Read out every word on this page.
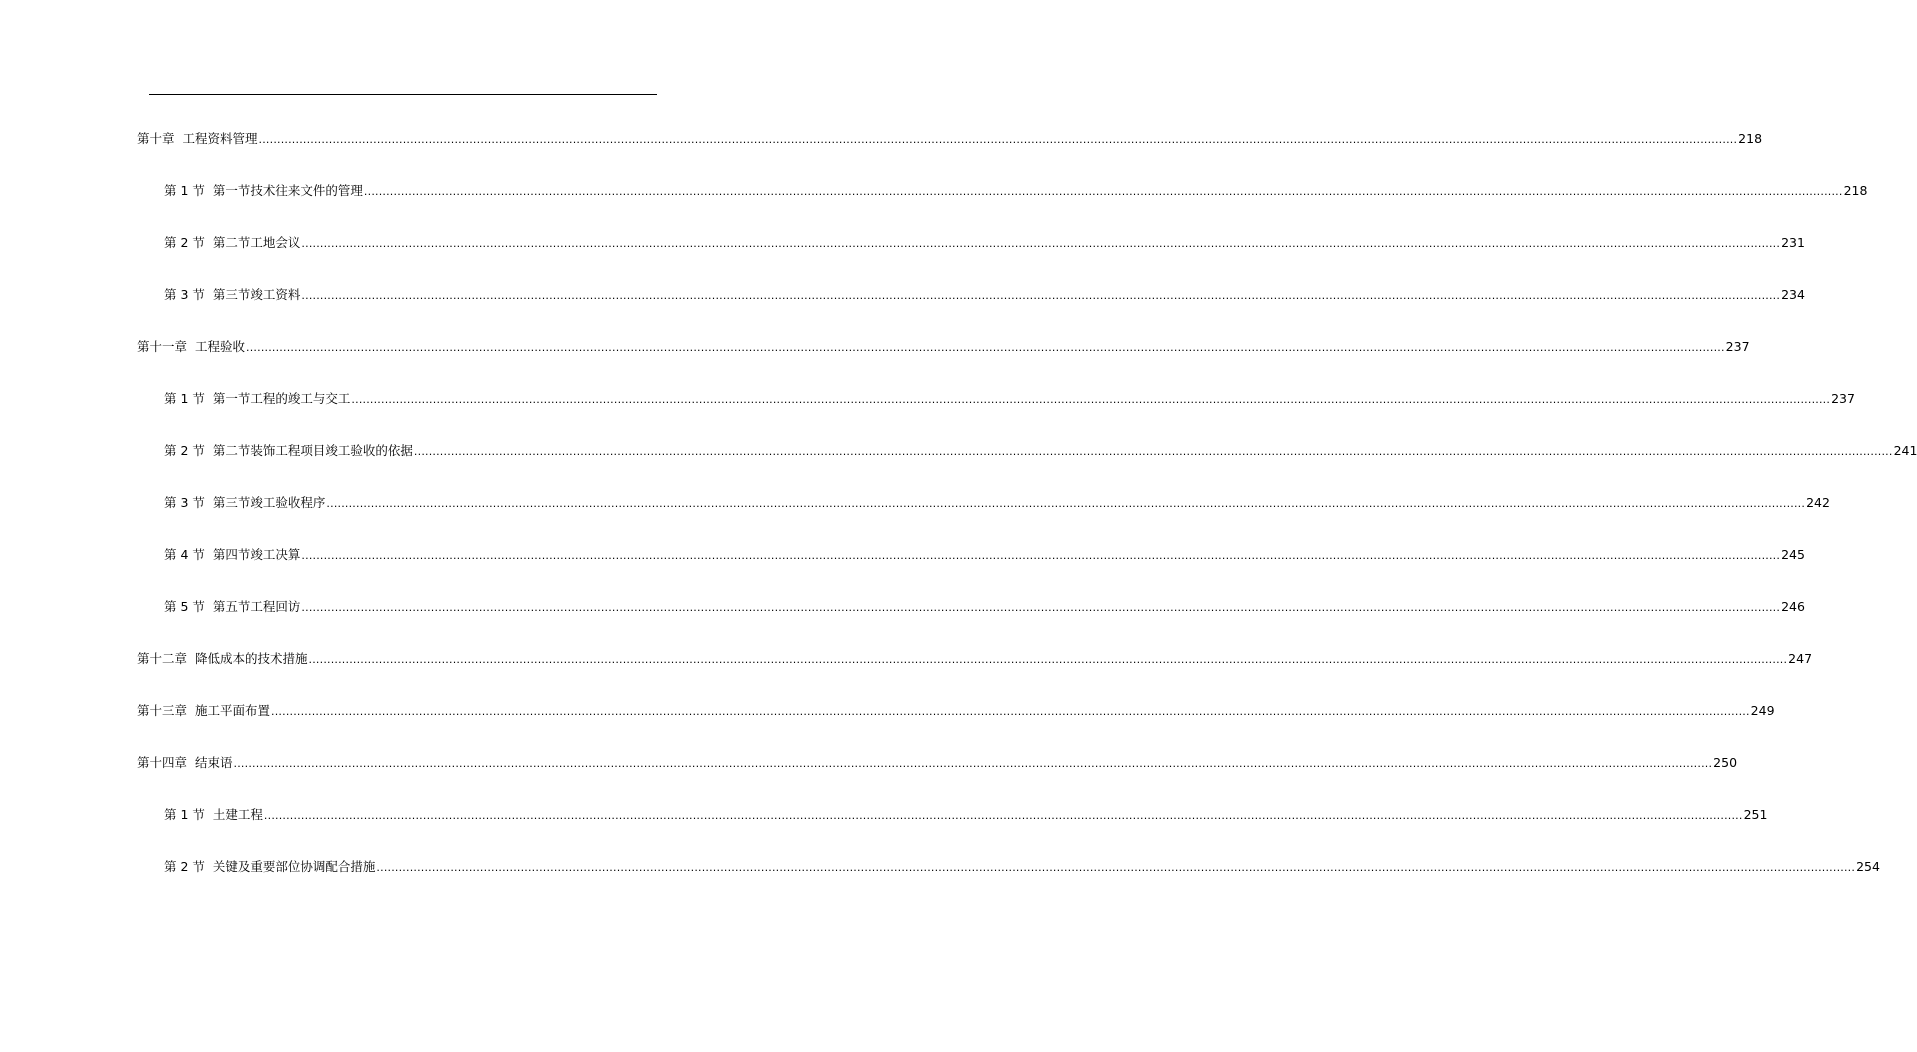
第十章 工程资料管理 ................................................................................................................................................................................................................................................................................................................................................................................................................ 218
第 1 节 第一节技术往来文件的管理 ................................................................................................................................................................................................................................................................................................................................................................................................................ 218
第 2 节 第二节工地会议 ................................................................................................................................................................................................................................................................................................................................................................................................................ 231
第 3 节 第三节竣工资料 ................................................................................................................................................................................................................................................................................................................................................................................................................ 234
第十一章 工程验收 ................................................................................................................................................................................................................................................................................................................................................................................................................ 237
第 1 节 第一节工程的竣工与交工 ................................................................................................................................................................................................................................................................................................................................................................................................................ 237
第 2 节 第二节装饰工程项目竣工验收的依据 ................................................................................................................................................................................................................................................................................................................................................................................................................ 241
第 3 节 第三节竣工验收程序 ................................................................................................................................................................................................................................................................................................................................................................................................................ 242
第 4 节 第四节竣工决算 ................................................................................................................................................................................................................................................................................................................................................................................................................ 245
第 5 节 第五节工程回访 ................................................................................................................................................................................................................................................................................................................................................................................................................ 246
第十二章 降低成本的技术措施 ................................................................................................................................................................................................................................................................................................................................................................................................................ 247
第十三章 施工平面布置 ................................................................................................................................................................................................................................................................................................................................................................................................................ 249
第十四章 结束语 ................................................................................................................................................................................................................................................................................................................................................................................................................ 250
第 1 节 土建工程 ................................................................................................................................................................................................................................................................................................................................................................................................................ 251
第 2 节 关键及重要部位协调配合措施 ................................................................................................................................................................................................................................................................................................................................................................................................................ 254
